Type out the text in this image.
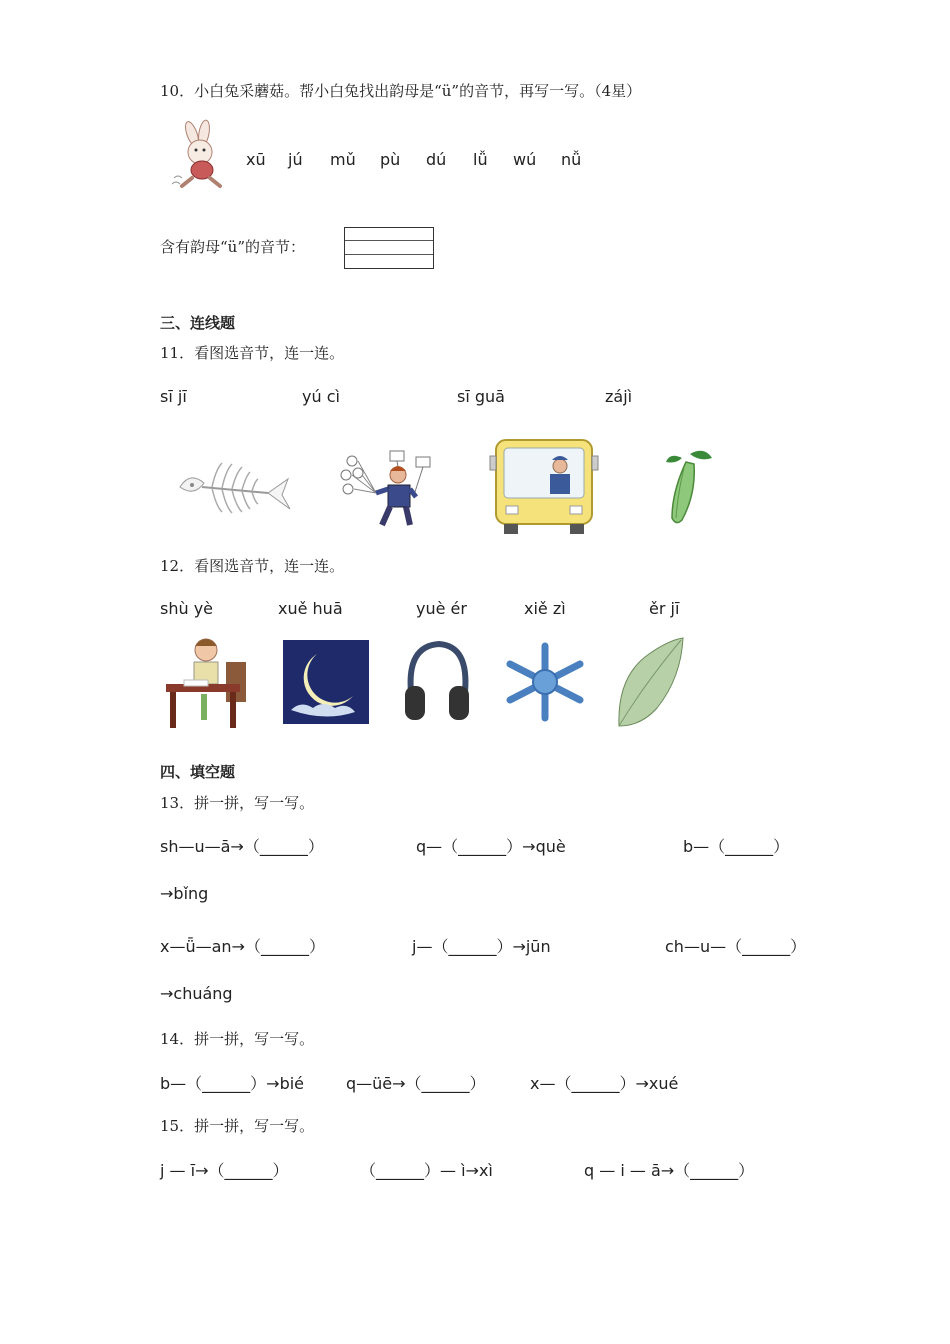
10．小白兔采蘑菇。帮小白兔找出韵母是“ü”的音节，再写一写。（4星）
xū jú mǔ pù dú lǚ wú nǚ
含有韵母“ü”的音节：
三、连线题
11．看图选音节，连一连。
sī jī	yú cì	sī guā	zájì
12．看图选音节，连一连。
shù yè	xuě huā	yuè ér	xiě zì	ěr jī
四、填空题
13．拼一拼，写一写。
sh—u—ā→（______）	q—（______）→què	b—（______）
→bǐng
x—ǖ—an→（______）	j—（______）→jūn	ch—u—（______）
→chuáng
14．拼一拼，写一写。
b—（______）→bié	q—üē→（______）	x—（______）→xué
15．拼一拼，写一写。
j — ī→（______）	（______）— ì→xì	q — i — ā→（______）
